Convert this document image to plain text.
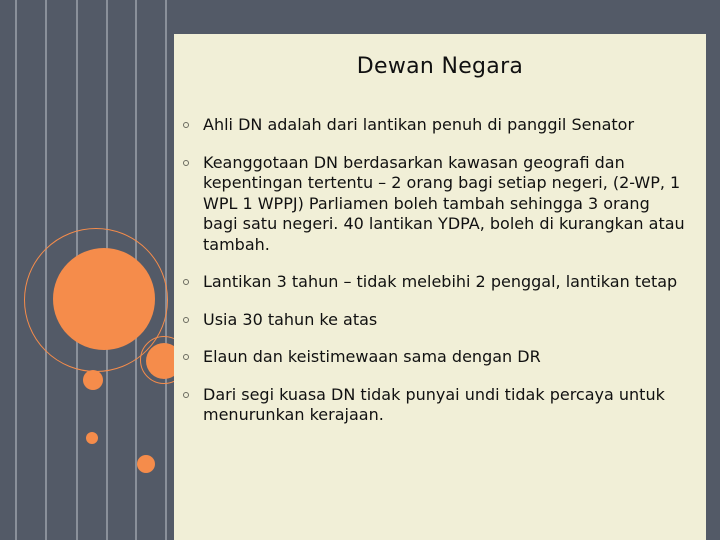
Dewan Negara
Ahli DN adalah dari lantikan penuh di panggil Senator
Keanggotaan DN berdasarkan kawasan geografi dan kepentingan tertentu – 2 orang bagi setiap negeri, (2-WP, 1 WPL 1 WPPJ) Parliamen boleh tambah sehingga 3 orang bagi satu negeri. 40 lantikan YDPA, boleh di kurangkan atau tambah.
Lantikan 3 tahun – tidak melebihi 2 penggal, lantikan tetap
Usia 30 tahun ke atas
Elaun dan keistimewaan sama dengan DR
Dari segi kuasa DN tidak punyai undi tidak percaya untuk menurunkan kerajaan.
